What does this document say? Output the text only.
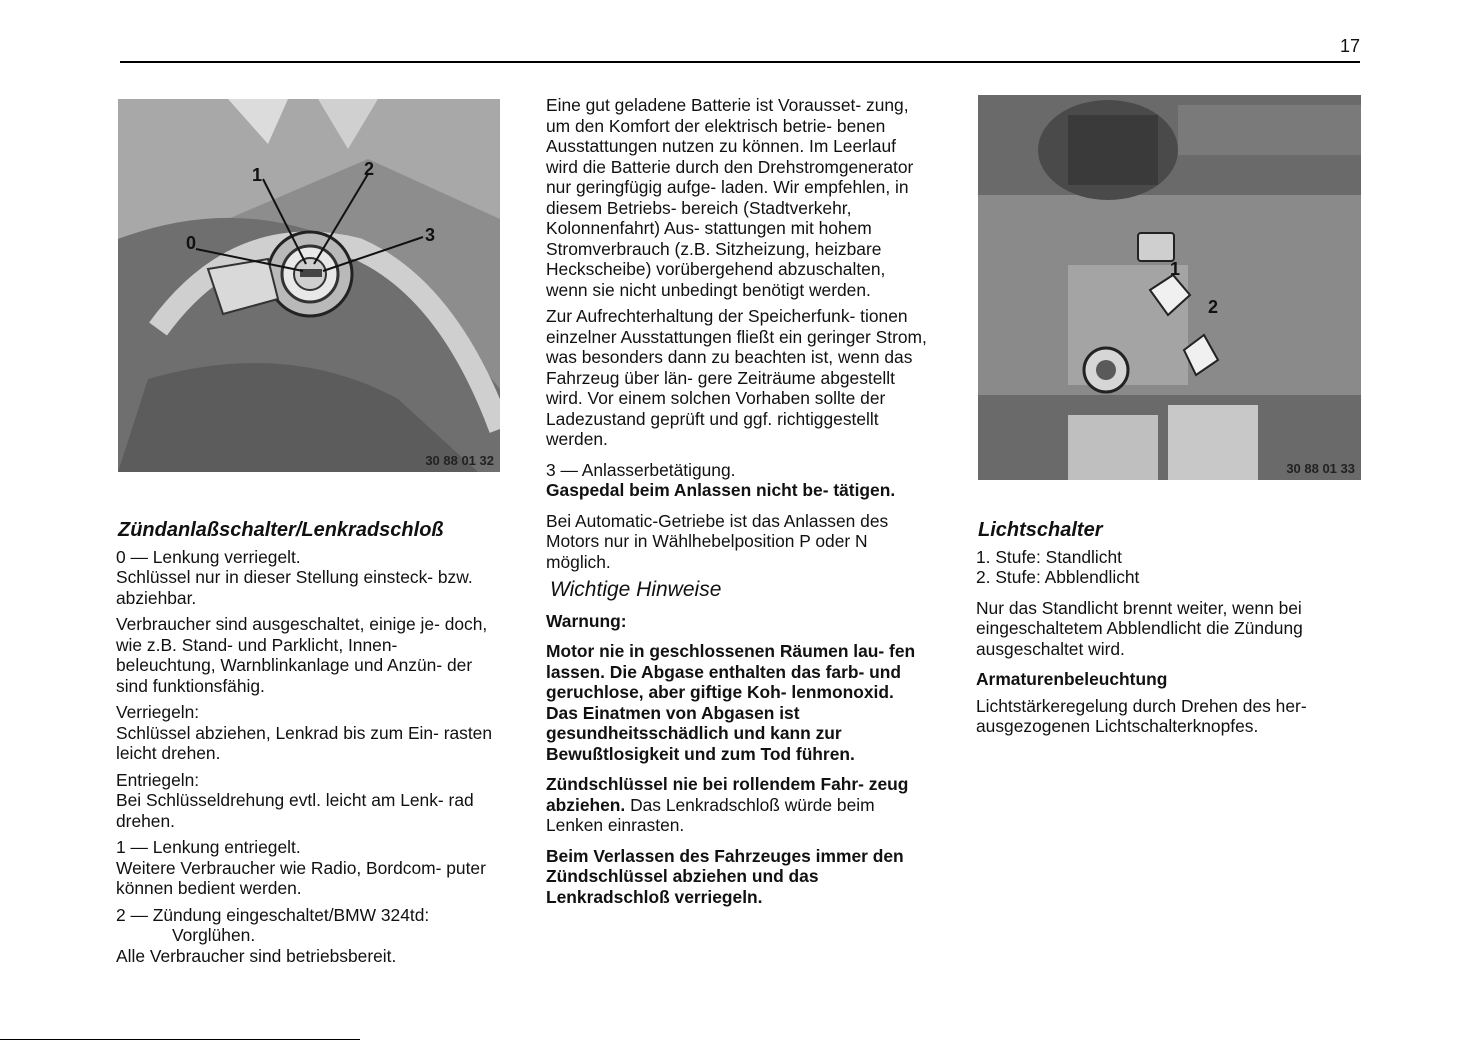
17
0
1	2
3
30 88 01 32
1
2
30 88 01 33
Zündanlaßschalter/Lenkradschloß

0 — Lenkung verriegelt.

Schlüssel nur in dieser Stellung einsteck- bzw. abziehbar.

Verbraucher sind ausgeschaltet, einige je- doch, wie z.B. Stand- und Parklicht, Innen- beleuchtung, Warnblinkanlage und Anzün- der sind funktionsfähig.

Verriegeln:

Schlüssel abziehen, Lenkrad bis zum Ein- rasten leicht drehen.

Entriegeln:

Bei Schlüsseldrehung evtl. leicht am Lenk- rad drehen.

1 — Lenkung entriegelt.

Weitere Verbraucher wie Radio, Bordcom- puter können bedient werden.

2 — Zündung eingeschaltet/BMW 324td:

Vorglühen.

Alle Verbraucher sind betriebsbereit.

Eine gut geladene Batterie ist Vorausset- zung, um den Komfort der elektrisch betrie- benen Ausstattungen nutzen zu können. Im Leerlauf wird die Batterie durch den Drehstromgenerator nur geringfügig aufge- laden. Wir empfehlen, in diesem Betriebs- bereich (Stadtverkehr, Kolonnenfahrt) Aus- stattungen mit hohem Stromverbrauch (z.B. Sitzheizung, heizbare Heckscheibe) vorübergehend abzuschalten, wenn sie nicht unbedingt benötigt werden.

Zur Aufrechterhaltung der Speicherfunk- tionen einzelner Ausstattungen fließt ein geringer Strom, was besonders dann zu beachten ist, wenn das Fahrzeug über län- gere Zeiträume abgestellt wird. Vor einem solchen Vorhaben sollte der Ladezustand geprüft und ggf. richtiggestellt werden.

3 — Anlasserbetätigung.

Gaspedal beim Anlassen nicht be- tätigen.

Bei Automatic-Getriebe ist das Anlassen des Motors nur in Wählhebelposition P oder N möglich.

Wichtige Hinweise

Warnung:

Motor nie in geschlossenen Räumen lau- fen lassen. Die Abgase enthalten das farb- und geruchlose, aber giftige Koh- lenmonoxid. Das Einatmen von Abgasen ist gesundheitsschädlich und kann zur Bewußtlosigkeit und zum Tod führen.

Zündschlüssel nie bei rollendem Fahr- zeug abziehen. Das Lenkradschloß würde beim Lenken einrasten.

Beim Verlassen des Fahrzeuges immer den Zündschlüssel abziehen und das Lenkradschloß verriegeln.

Lichtschalter

1. Stufe: Standlicht

2. Stufe: Abblendlicht

Nur das Standlicht brennt weiter, wenn bei eingeschaltetem Abblendlicht die Zündung ausgeschaltet wird.

Armaturenbeleuchtung

Lichtstärkeregelung durch Drehen des her- ausgezogenen Lichtschalterknopfes.
